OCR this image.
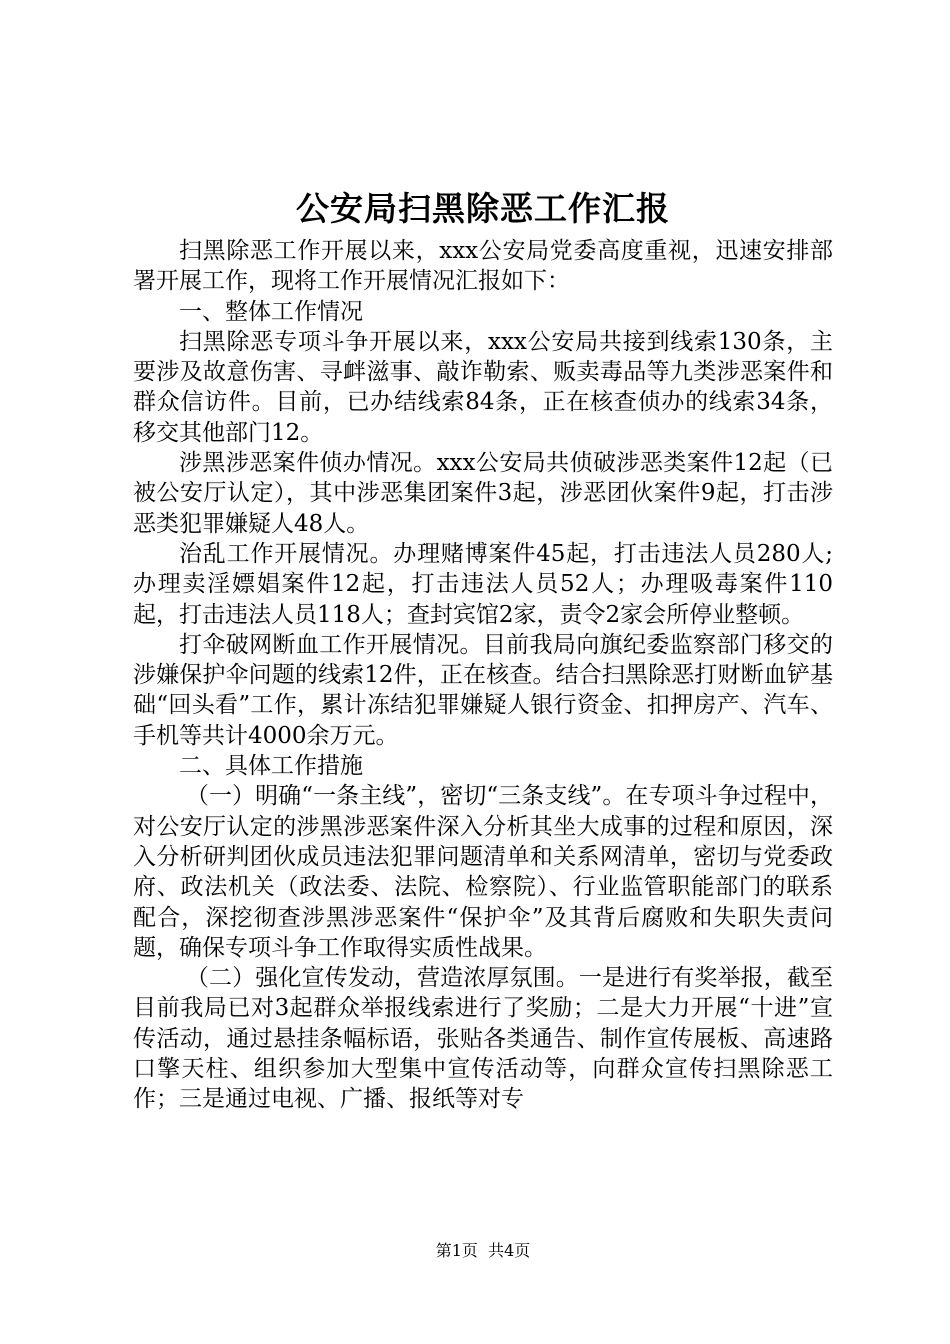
公安局扫黑除恶工作汇报

扫黑除恶工作开展以来，xxx公安局党委高度重视，迅速安排部署开展工作，现将工作开展情况汇报如下：

一、整体工作情况

扫黑除恶专项斗争开展以来，xxx公安局共接到线索130条，主要涉及故意伤害、寻衅滋事、敲诈勒索、贩卖毒品等九类涉恶案件和群众信访件。目前，已办结线索84条，正在核查侦办的线索34条，移交其他部门12。

涉黑涉恶案件侦办情况。xxx公安局共侦破涉恶类案件12起（已被公安厅认定），其中涉恶集团案件3起，涉恶团伙案件9起，打击涉恶类犯罪嫌疑人48人。

治乱工作开展情况。办理赌博案件45起，打击违法人员280人;办理卖淫嫖娼案件12起，打击违法人员52人；办理吸毒案件110起，打击违法人员118人；查封宾馆2家，责令2家会所停业整顿。

打伞破网断血工作开展情况。目前我局向旗纪委监察部门移交的涉嫌保护伞问题的线索12件，正在核查。结合扫黑除恶打财断血铲基础“回头看”工作，累计冻结犯罪嫌疑人银行资金、扣押房产、汽车、手机等共计4000余万元。

二、具体工作措施

（一）明确“一条主线”，密切“三条支线”。在专项斗争过程中，对公安厅认定的涉黑涉恶案件深入分析其坐大成事的过程和原因，深入分析研判团伙成员违法犯罪问题清单和关系网清单，密切与党委政府、政法机关（政法委、法院、检察院）、行业监管职能部门的联系配合，深挖彻查涉黑涉恶案件“保护伞”及其背后腐败和失职失责问题，确保专项斗争工作取得实质性战果。

（二）强化宣传发动，营造浓厚氛围。一是进行有奖举报，截至目前我局已对3起群众举报线索进行了奖励；二是大力开展“十进”宣传活动，通过悬挂条幅标语，张贴各类通告、制作宣传展板、高速路口擎天柱、组织参加大型集中宣传活动等，向群众宣传扫黑除恶工作；三是通过电视、广播、报纸等对专

第1页  共4页
